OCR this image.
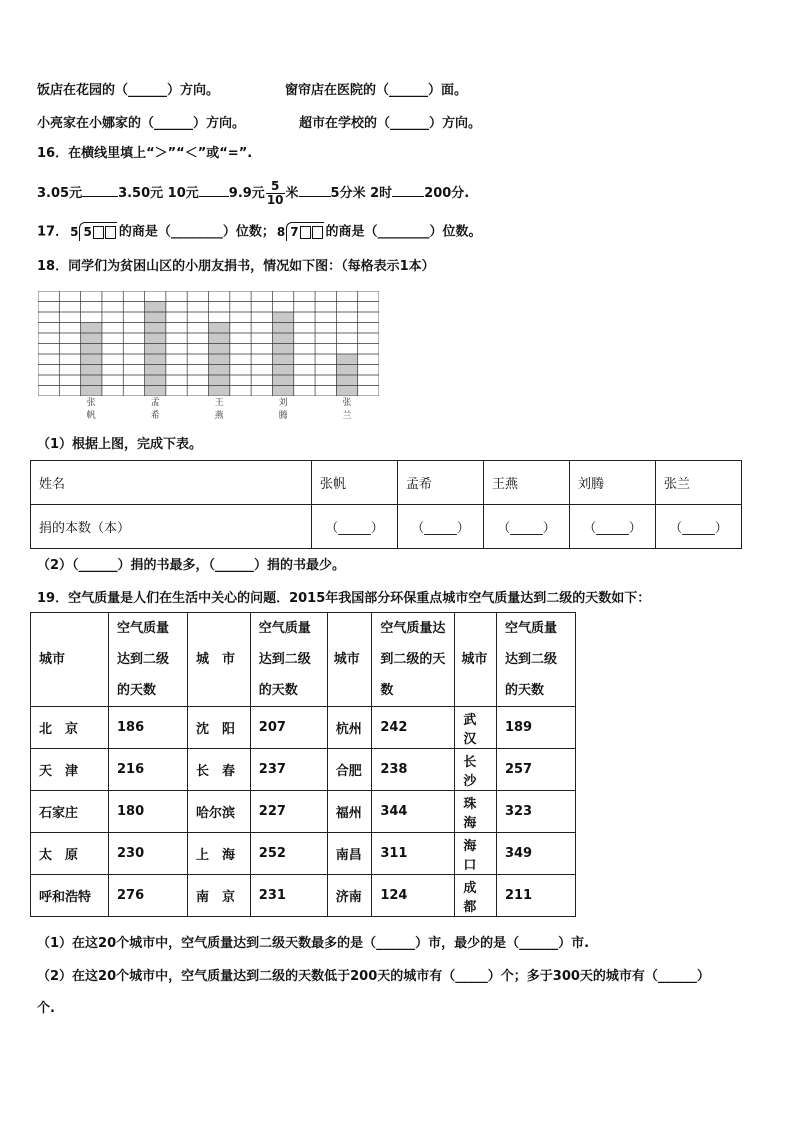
饭店在花园的（______）方向。	窗帘店在医院的（______）面。
小亮家在小娜家的（______）方向。	超市在学校的（______）方向。
16．在横线里填上“＞”“＜”或“=”.
3.05元	3.50元 10元 9.9元 $\frac{5}{10}$ 米 5分米 2时 200分.
17． 5 5 的商是（________）位数； 8 7 的商是（________）位数。
18．同学们为贫困山区的小朋友捐书，情况如下图：（每格表示1本）
张
帆
孟
希
王
燕
刘
腾
张
兰
（1）根据上图，完成下表。
姓名	张帆	孟希	王燕	刘腾	张兰
捐的本数（本）	（_____）	（_____）	（_____）	（_____）	（_____）
（2）（______）捐的书最多，（______）捐的书最少。
19．空气质量是人们在生活中关心的问题．2015年我国部分环保重点城市空气质量达到二级的天数如下：
城市	空气质量达到二级的天数	城　市	空气质量达到二级的天数	城市	空气质量达到二级的天数	城市	空气质量达到二级的天数
北　京	186	沈　阳	207	杭州	242	武汉	189
天　津	216	长　春	237	合肥	238	长沙	257
石家庄	180	哈尔滨	227	福州	344	珠海	323
太　原	230	上　海	252	南昌	311	海口	349
呼和浩特	276	南　京	231	济南	124	成都	211
（1）在这20个城市中，空气质量达到二级天数最多的是（______）市，最少的是（______）市.
（2）在这20个城市中，空气质量达到二级的天数低于200天的城市有（_____）个；多于300天的城市有（______）
个.
